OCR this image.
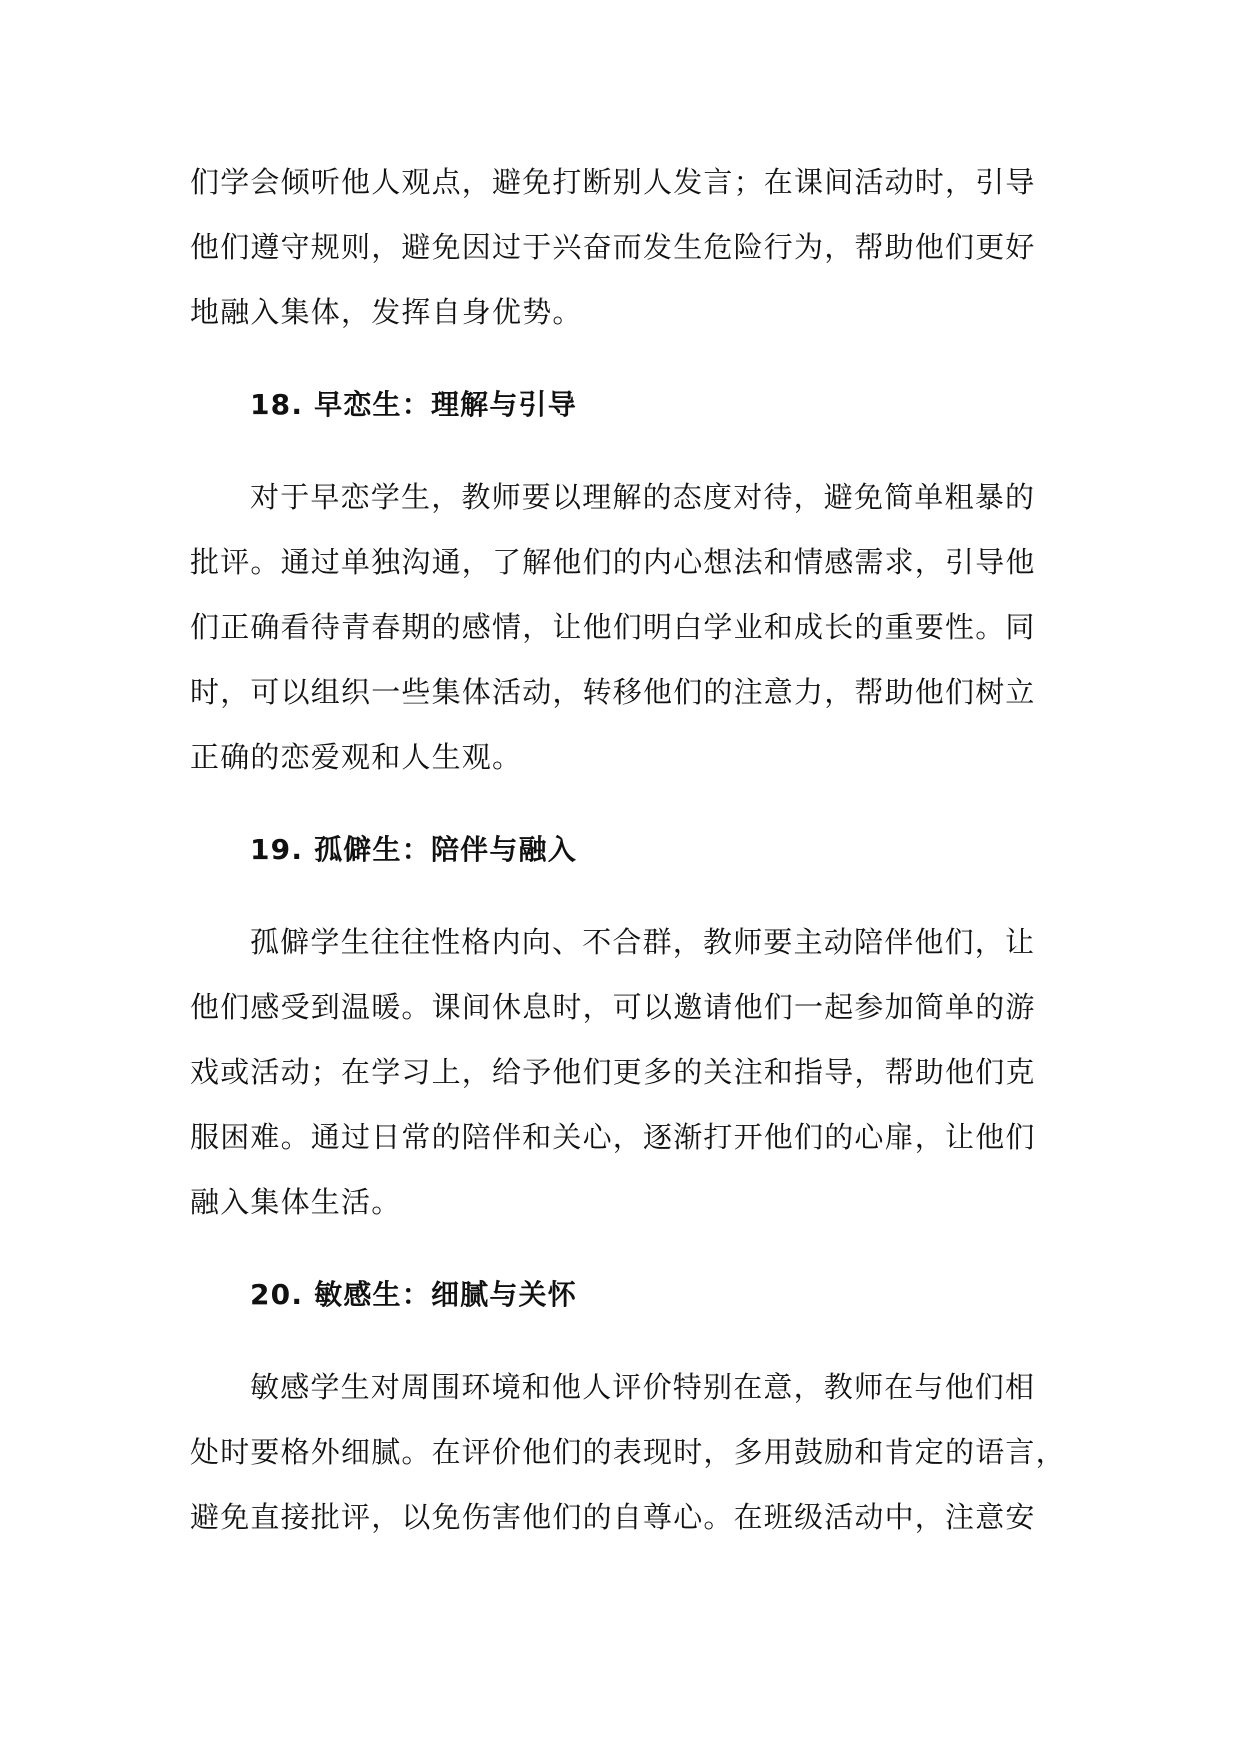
们学会倾听他人观点，避免打断别人发言；在课间活动时，引导
他们遵守规则，避免因过于兴奋而发生危险行为，帮助他们更好
地融入集体，发挥自身优势。
18. 早恋生：理解与引导
对于早恋学生，教师要以理解的态度对待，避免简单粗暴的
批评。通过单独沟通，了解他们的内心想法和情感需求，引导他
们正确看待青春期的感情，让他们明白学业和成长的重要性。同
时，可以组织一些集体活动，转移他们的注意力，帮助他们树立
正确的恋爱观和人生观。
19. 孤僻生：陪伴与融入
孤僻学生往往性格内向、不合群，教师要主动陪伴他们，让
他们感受到温暖。课间休息时，可以邀请他们一起参加简单的游
戏或活动；在学习上，给予他们更多的关注和指导，帮助他们克
服困难。通过日常的陪伴和关心，逐渐打开他们的心扉，让他们
融入集体生活。
20. 敏感生：细腻与关怀
敏感学生对周围环境和他人评价特别在意，教师在与他们相
处时要格外细腻。在评价他们的表现时，多用鼓励和肯定的语言，
避免直接批评，以免伤害他们的自尊心。在班级活动中，注意安
